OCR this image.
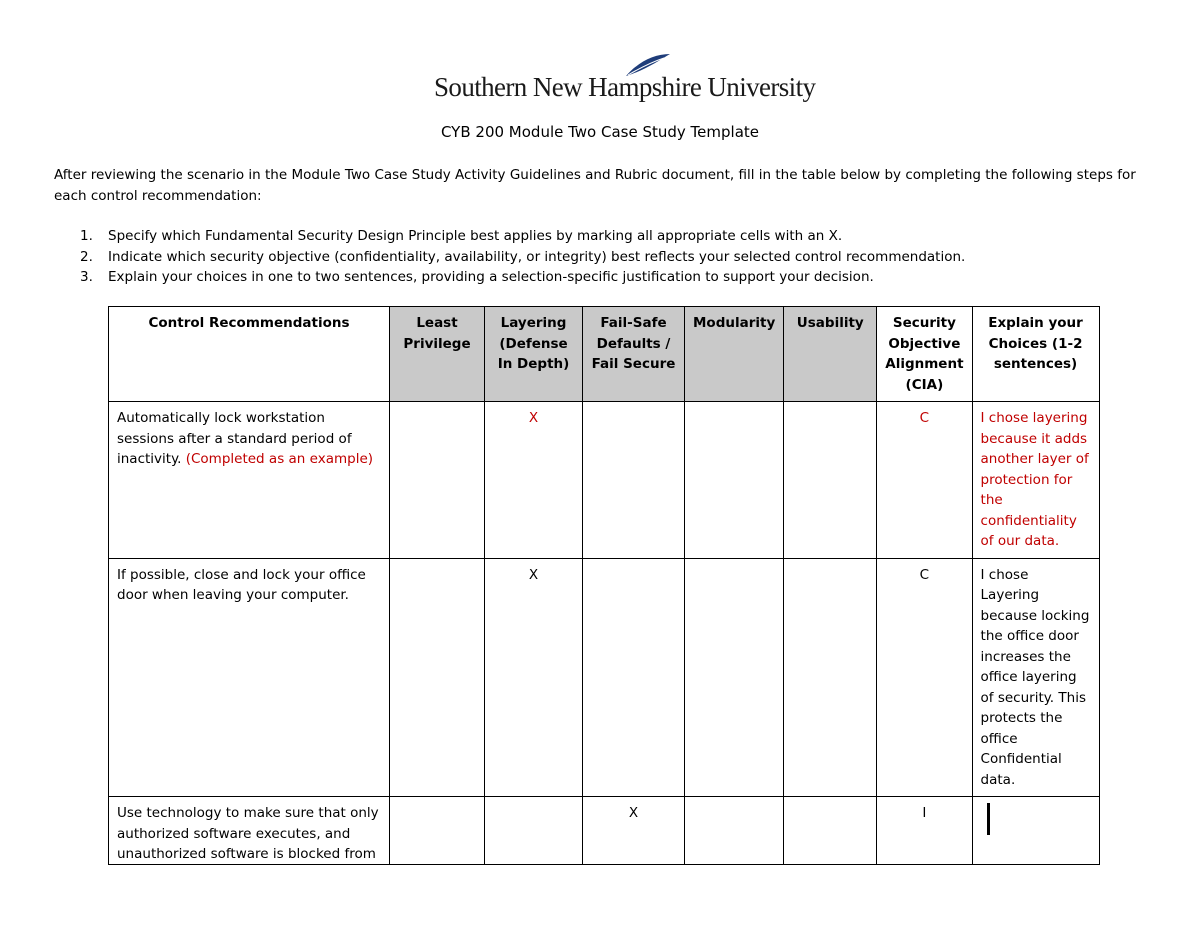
Southern New Hampshire University
CYB 200 Module Two Case Study Template
After reviewing the scenario in the Module Two Case Study Activity Guidelines and Rubric document, fill in the table below by completing the following steps for each control recommendation:
1. Specify which Fundamental Security Design Principle best applies by marking all appropriate cells with an X.
2. Indicate which security objective (confidentiality, availability, or integrity) best reflects your selected control recommendation.
3. Explain your choices in one to two sentences, providing a selection-specific justification to support your decision.
Control Recommendations	Least Privilege	Layering (Defense In Depth)	Fail-Safe Defaults / Fail Secure	Modularity	Usability	Security Objective Alignment (CIA)	Explain your Choices (1-2 sentences)
Automatically lock workstation sessions after a standard period of inactivity. (Completed as an example)		X				C	I chose layering because it adds another layer of protection for the confidentiality of our data.
If possible, close and lock your office door when leaving your computer.		X				C	I chose Layering because locking the office door increases the office layering of security. This protects the office Confidential data.

Use technology to make sure that only authorized software executes, and unauthorized software is blocked from			X			I	
